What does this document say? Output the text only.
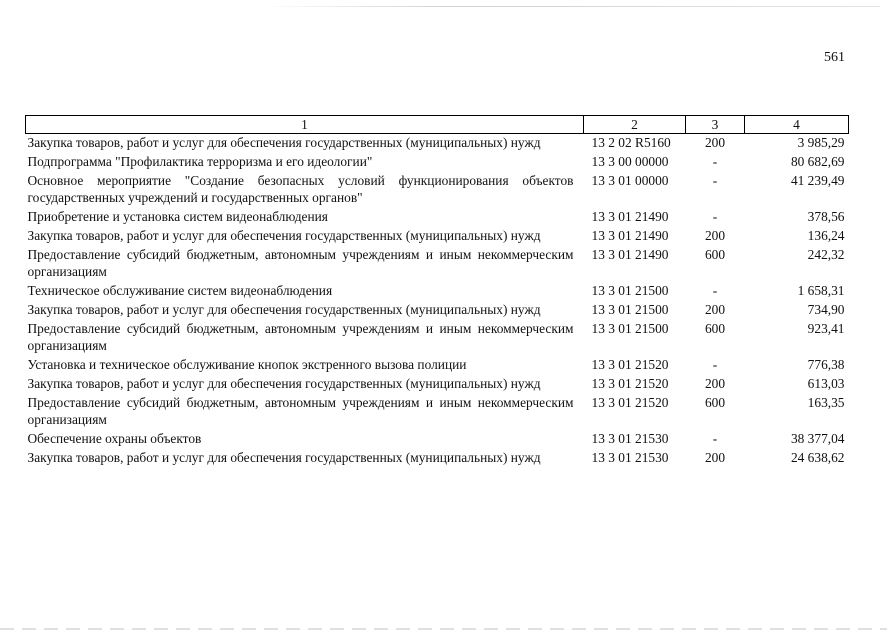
561
1	2	3	4
Закупка товаров, работ и услуг для обеспечения государственных (муниципальных) нужд	13 2 02 R5160	200	3 985,29
Подпрограмма "Профилактика терроризма и его идеологии"	13 3 00 00000	-	80 682,69
Основное мероприятие "Создание безопасных условий функционирования объектов государственных учреждений и государственных органов"	13 3 01 00000	-	41 239,49
Приобретение и установка систем видеонаблюдения	13 3 01 21490	-	378,56
Закупка товаров, работ и услуг для обеспечения государственных (муниципальных) нужд	13 3 01 21490	200	136,24
Предоставление субсидий бюджетным, автономным учреждениям и иным некоммерческим организациям	13 3 01 21490	600	242,32
Техническое обслуживание систем видеонаблюдения	13 3 01 21500	-	1 658,31
Закупка товаров, работ и услуг для обеспечения государственных (муниципальных) нужд	13 3 01 21500	200	734,90
Предоставление субсидий бюджетным, автономным учреждениям и иным некоммерческим организациям	13 3 01 21500	600	923,41
Установка и техническое обслуживание кнопок экстренного вызова полиции	13 3 01 21520	-	776,38
Закупка товаров, работ и услуг для обеспечения государственных (муниципальных) нужд	13 3 01 21520	200	613,03
Предоставление субсидий бюджетным, автономным учреждениям и иным некоммерческим организациям	13 3 01 21520	600	163,35
Обеспечение охраны объектов	13 3 01 21530	-	38 377,04
Закупка товаров, работ и услуг для обеспечения государственных (муниципальных) нужд	13 3 01 21530	200	24 638,62
